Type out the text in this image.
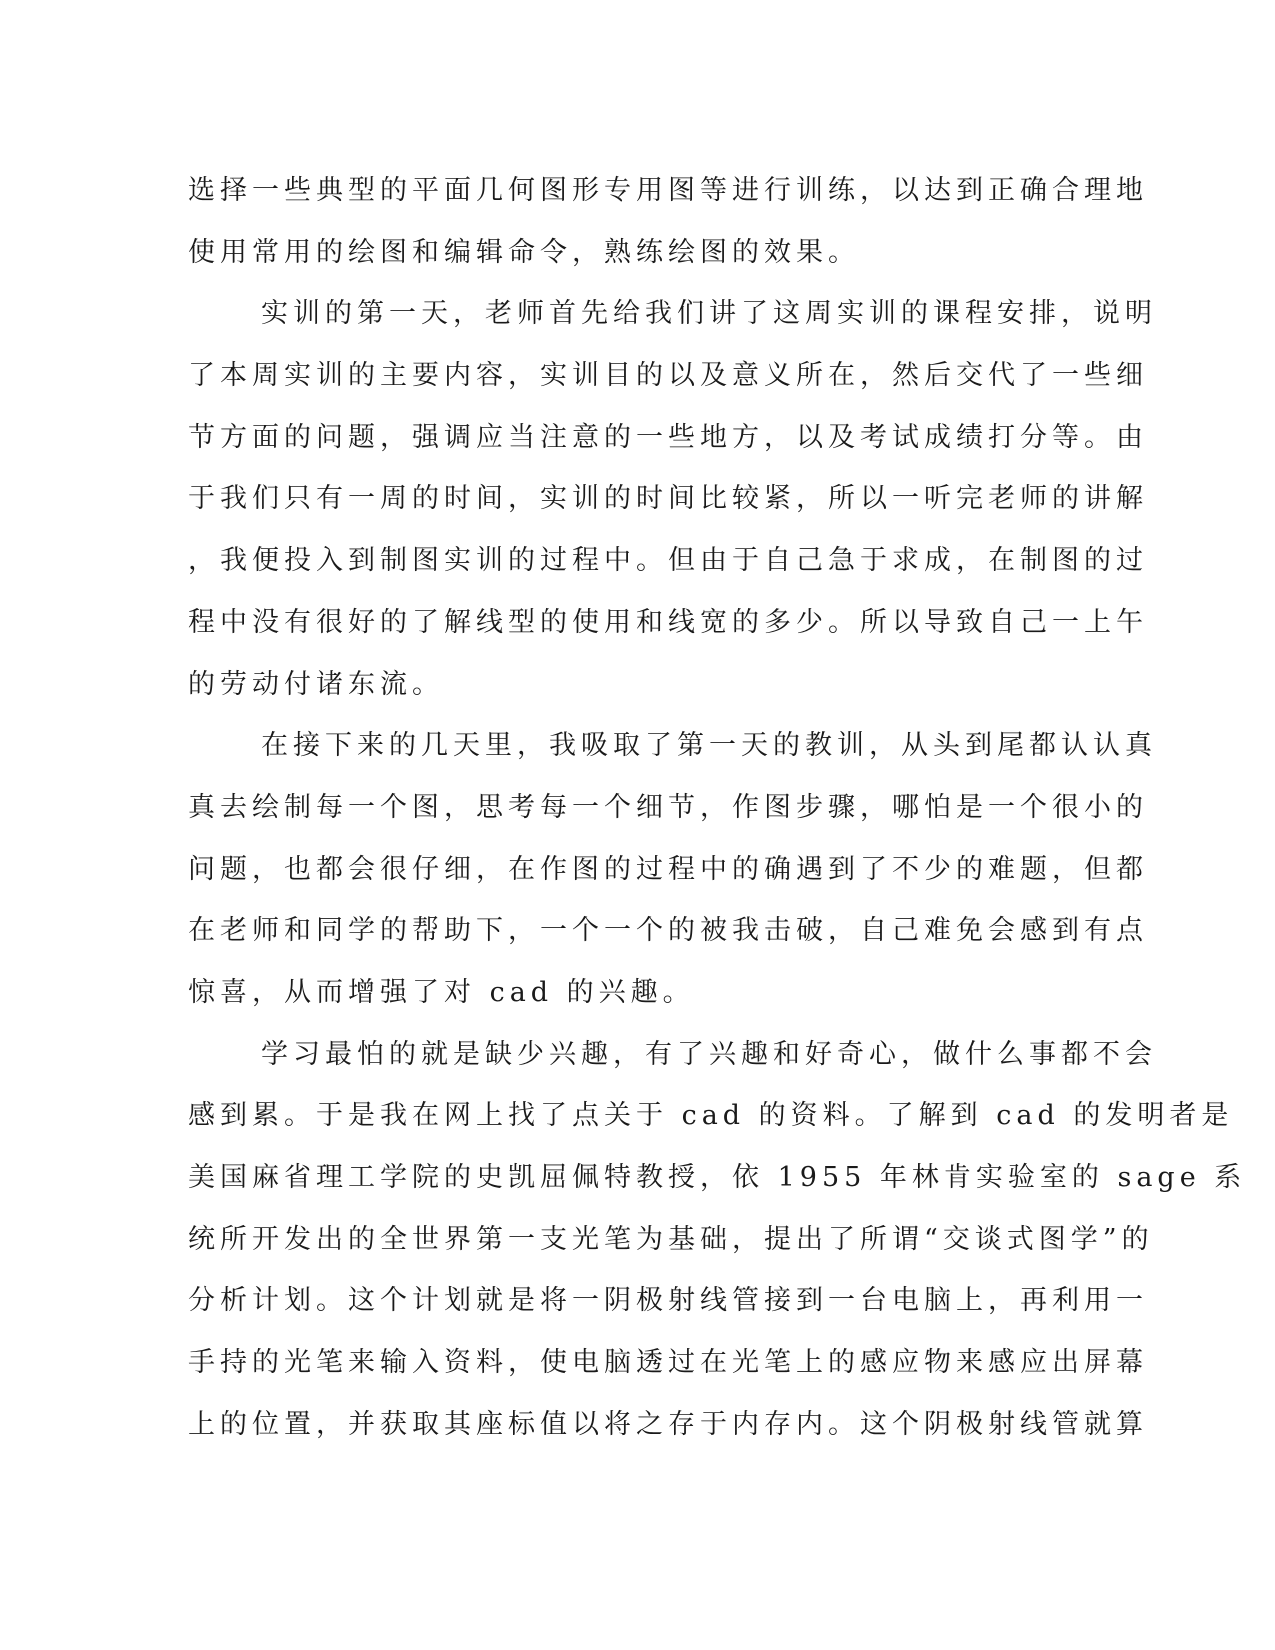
选择一些典型的平面几何图形专用图等进行训练，以达到正确合理地
使用常用的绘图和编辑命令，熟练绘图的效果。
实训的第一天，老师首先给我们讲了这周实训的课程安排，说明
了本周实训的主要内容，实训目的以及意义所在，然后交代了一些细
节方面的问题，强调应当注意的一些地方，以及考试成绩打分等。由
于我们只有一周的时间，实训的时间比较紧，所以一听完老师的讲解
，我便投入到制图实训的过程中。但由于自己急于求成，在制图的过
程中没有很好的了解线型的使用和线宽的多少。所以导致自己一上午
的劳动付诸东流。
在接下来的几天里，我吸取了第一天的教训，从头到尾都认认真
真去绘制每一个图，思考每一个细节，作图步骤，哪怕是一个很小的
问题，也都会很仔细，在作图的过程中的确遇到了不少的难题，但都
在老师和同学的帮助下，一个一个的被我击破，自己难免会感到有点
惊喜，从而增强了对 cad 的兴趣。
学习最怕的就是缺少兴趣，有了兴趣和好奇心，做什么事都不会
感到累。于是我在网上找了点关于 cad 的资料。了解到 cad 的发明者是
美国麻省理工学院的史凯屈佩特教授，依 1955 年林肯实验室的 sage 系
统所开发出的全世界第一支光笔为基础，提出了所谓“交谈式图学”的
分析计划。这个计划就是将一阴极射线管接到一台电脑上，再利用一
手持的光笔来输入资料，使电脑透过在光笔上的感应物来感应出屏幕
上的位置，并获取其座标值以将之存于内存内。这个阴极射线管就算
